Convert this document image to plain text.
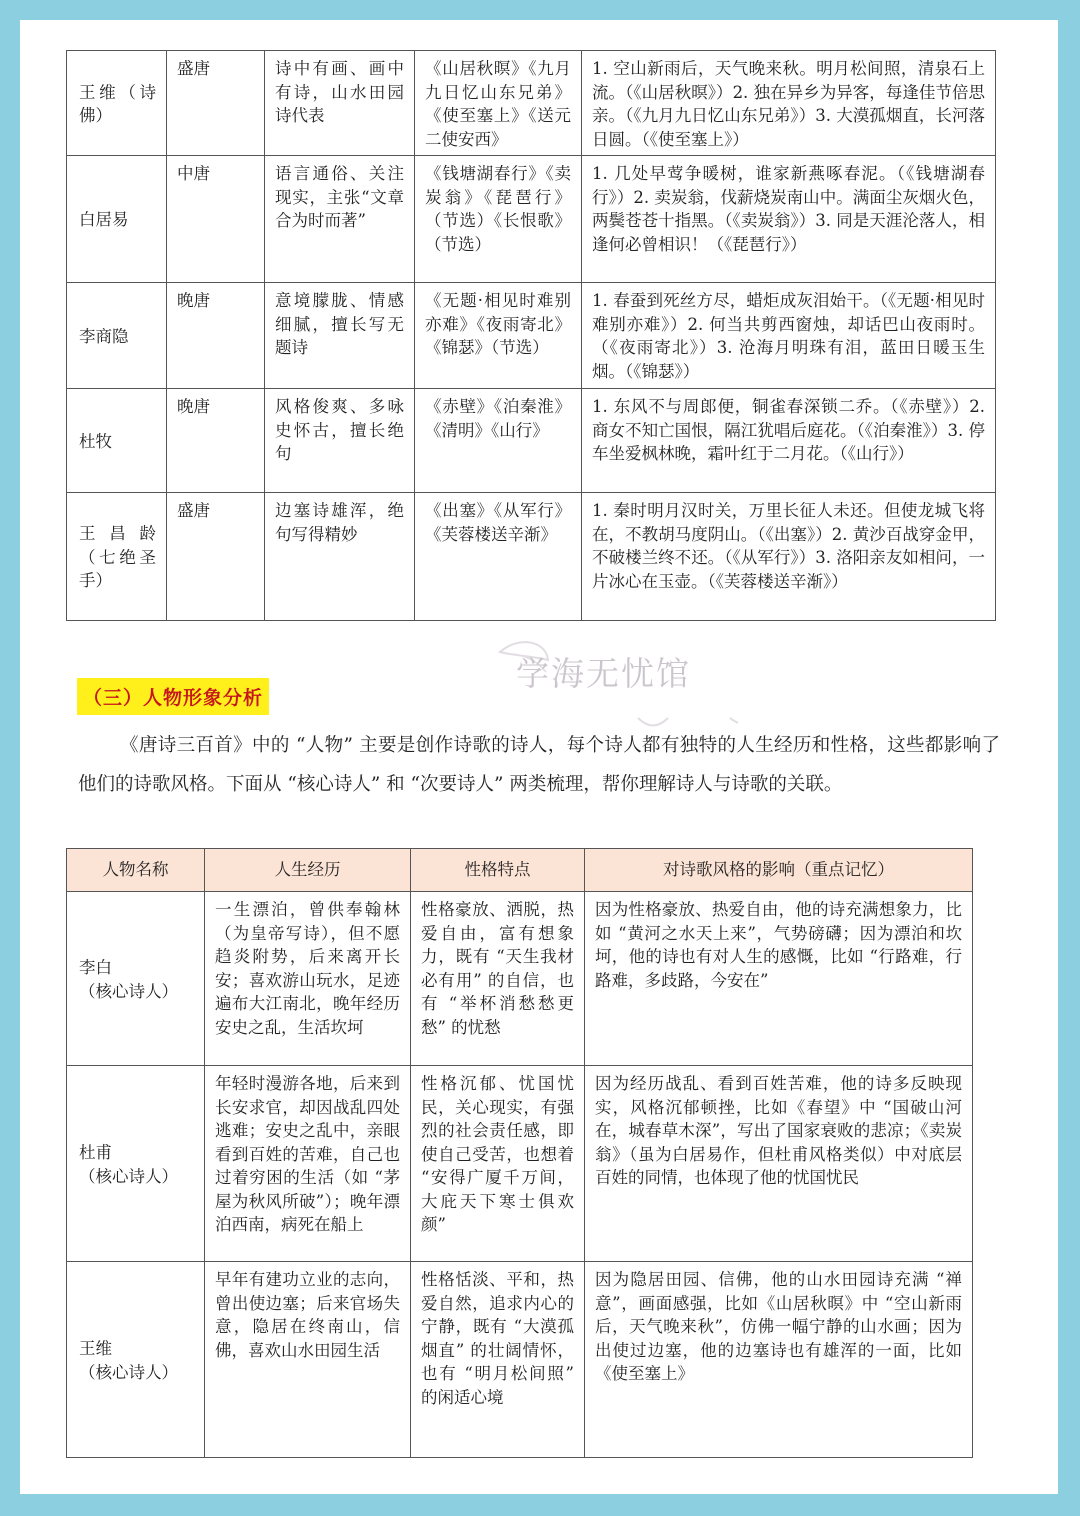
王维（诗佛）	盛唐	诗中有画、画中有诗，山水田园诗代表	《山居秋暝》《九月九日忆山东兄弟》《使至塞上》《送元二使安西》	1. 空山新雨后，天气晚来秋。明月松间照，清泉石上流。（《山居秋暝》）2. 独在异乡为异客，每逢佳节倍思亲。（《九月九日忆山东兄弟》）3. 大漠孤烟直，长河落日圆。（《使至塞上》）
白居易	中唐	语言通俗、关注现实，主张“文章合为时而著”	《钱塘湖春行》《卖炭翁》《琵琶行》（节选）《长恨歌》（节选）	1. 几处早莺争暖树，谁家新燕啄春泥。（《钱塘湖春行》）2. 卖炭翁，伐薪烧炭南山中。满面尘灰烟火色，两鬓苍苍十指黑。（《卖炭翁》）3. 同是天涯沦落人，相逢何必曾相识！（《琵琶行》）
李商隐	晚唐	意境朦胧、情感细腻，擅长写无题诗	《无题·相见时难别亦难》《夜雨寄北》《锦瑟》（节选）	1. 春蚕到死丝方尽，蜡炬成灰泪始干。（《无题·相见时难别亦难》）2. 何当共剪西窗烛，却话巴山夜雨时。（《夜雨寄北》）3. 沧海月明珠有泪，蓝田日暖玉生烟。（《锦瑟》）
杜牧	晚唐	风格俊爽、多咏史怀古，擅长绝句	《赤壁》《泊秦淮》《清明》《山行》	1. 东风不与周郎便，铜雀春深锁二乔。（《赤壁》）2. 商女不知亡国恨，隔江犹唱后庭花。（《泊秦淮》）3. 停车坐爱枫林晚，霜叶红于二月花。（《山行》）
王昌龄（七绝圣手）	盛唐	边塞诗雄浑，绝句写得精妙	《出塞》《从军行》《芙蓉楼送辛渐》	1. 秦时明月汉时关，万里长征人未还。但使龙城飞将在，不教胡马度阴山。（《出塞》）2. 黄沙百战穿金甲，不破楼兰终不还。（《从军行》）3. 洛阳亲友如相问，一片冰心在玉壶。（《芙蓉楼送辛渐》）
学海无忧馆
（三）人物形象分析

《唐诗三百首》中的 “人物” 主要是创作诗歌的诗人，每个诗人都有独特的人生经历和性格，这些都影响了他们的诗歌风格。下面从 “核心诗人” 和 “次要诗人” 两类梳理，帮你理解诗人与诗歌的关联。

人物名称	人生经历	性格特点	对诗歌风格的影响（重点记忆）

李白
（核心诗人）	一生漂泊，曾供奉翰林（为皇帝写诗），但不愿趋炎附势，后来离开长安；喜欢游山玩水，足迹遍布大江南北，晚年经历安史之乱，生活坎坷	性格豪放、洒脱，热爱自由，富有想象力，既有 “天生我材必有用” 的自信，也有 “举杯消愁愁更愁” 的忧愁	因为性格豪放、热爱自由，他的诗充满想象力，比如 “黄河之水天上来”，气势磅礴；因为漂泊和坎坷，他的诗也有对人生的感慨，比如 “行路难，行路难，多歧路，今安在”

杜甫
（核心诗人）	年轻时漫游各地，后来到长安求官，却因战乱四处逃难；安史之乱中，亲眼看到百姓的苦难，自己也过着穷困的生活（如 “茅屋为秋风所破”）；晚年漂泊西南，病死在船上	性格沉郁、忧国忧民，关心现实，有强烈的社会责任感，即使自己受苦，也想着 “安得广厦千万间，大庇天下寒士俱欢颜”	因为经历战乱、看到百姓苦难，他的诗多反映现实，风格沉郁顿挫，比如《春望》中 “国破山河在，城春草木深”，写出了国家衰败的悲凉；《卖炭翁》（虽为白居易作，但杜甫风格类似）中对底层百姓的同情，也体现了他的忧国忧民

王维
（核心诗人）	早年有建功立业的志向，曾出使边塞；后来官场失意，隐居在终南山，信佛，喜欢山水田园生活	性格恬淡、平和，热爱自然，追求内心的宁静，既有 “大漠孤烟直” 的壮阔情怀，也有 “明月松间照” 的闲适心境	因为隐居田园、信佛，他的山水田园诗充满 “禅意”，画面感强，比如《山居秋暝》中 “空山新雨后，天气晚来秋”，仿佛一幅宁静的山水画；因为出使过边塞，他的边塞诗也有雄浑的一面，比如《使至塞上》
